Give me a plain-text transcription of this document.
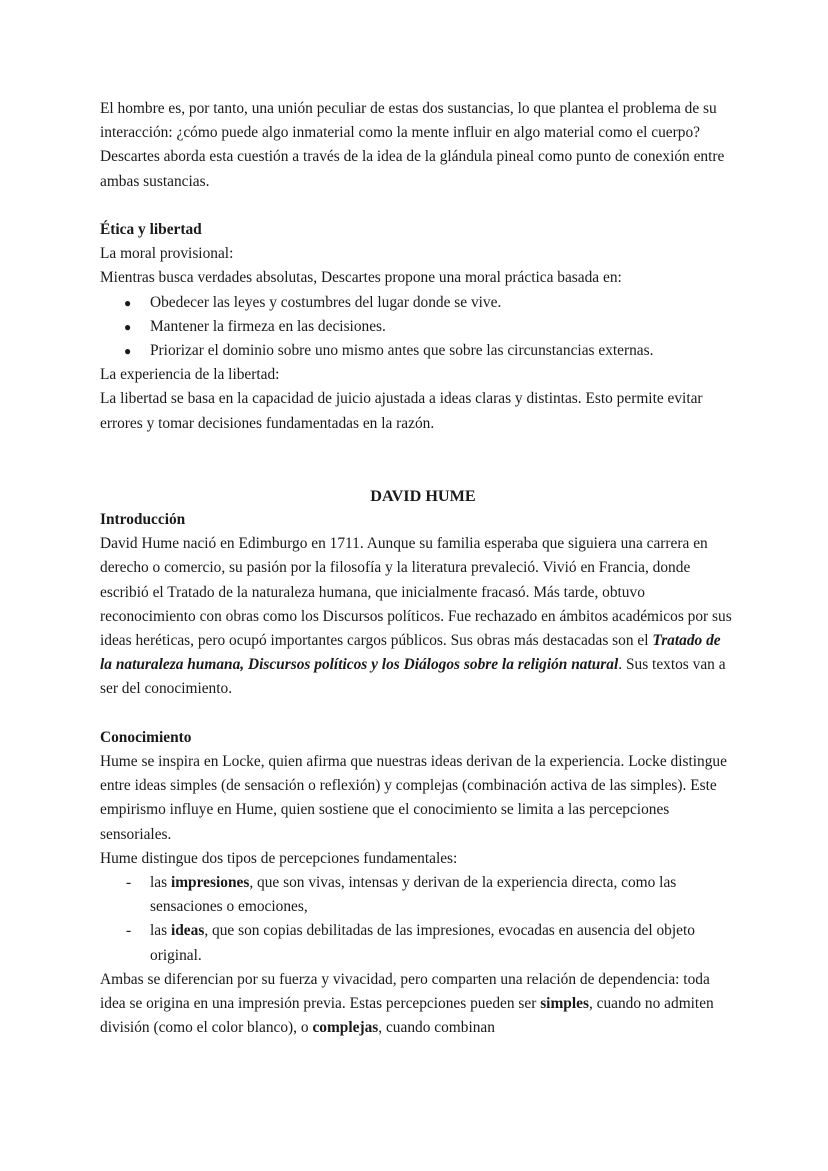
El hombre es, por tanto, una unión peculiar de estas dos sustancias, lo que plantea el problema de su interacción: ¿cómo puede algo inmaterial como la mente influir en algo material como el cuerpo? Descartes aborda esta cuestión a través de la idea de la glándula pineal como punto de conexión entre ambas sustancias.

Ética y libertad

La moral provisional:

Mientras busca verdades absolutas, Descartes propone una moral práctica basada en:

● Obedecer las leyes y costumbres del lugar donde se vive.
● Mantener la firmeza en las decisiones.
● Priorizar el dominio sobre uno mismo antes que sobre las circunstancias externas.

La experiencia de la libertad:

La libertad se basa en la capacidad de juicio ajustada a ideas claras y distintas. Esto permite evitar errores y tomar decisiones fundamentadas en la razón.

DAVID HUME

Introducción

David Hume nació en Edimburgo en 1711. Aunque su familia esperaba que siguiera una carrera en derecho o comercio, su pasión por la filosofía y la literatura prevaleció. Vivió en Francia, donde escribió el Tratado de la naturaleza humana, que inicialmente fracasó. Más tarde, obtuvo reconocimiento con obras como los Discursos políticos. Fue rechazado en ámbitos académicos por sus ideas heréticas, pero ocupó importantes cargos públicos. Sus obras más destacadas son el Tratado de la naturaleza humana, Discursos políticos y los Diálogos sobre la religión natural. Sus textos van a ser del conocimiento.

Conocimiento

Hume se inspira en Locke, quien afirma que nuestras ideas derivan de la experiencia. Locke distingue entre ideas simples (de sensación o reflexión) y complejas (combinación activa de las simples). Este empirismo influye en Hume, quien sostiene que el conocimiento se limita a las percepciones sensoriales.

Hume distingue dos tipos de percepciones fundamentales:

- las impresiones, que son vivas, intensas y derivan de la experiencia directa, como las sensaciones o emociones,
- las ideas, que son copias debilitadas de las impresiones, evocadas en ausencia del objeto original.

Ambas se diferencian por su fuerza y vivacidad, pero comparten una relación de dependencia: toda idea se origina en una impresión previa. Estas percepciones pueden ser simples, cuando no admiten división (como el color blanco), o complejas, cuando combinan
